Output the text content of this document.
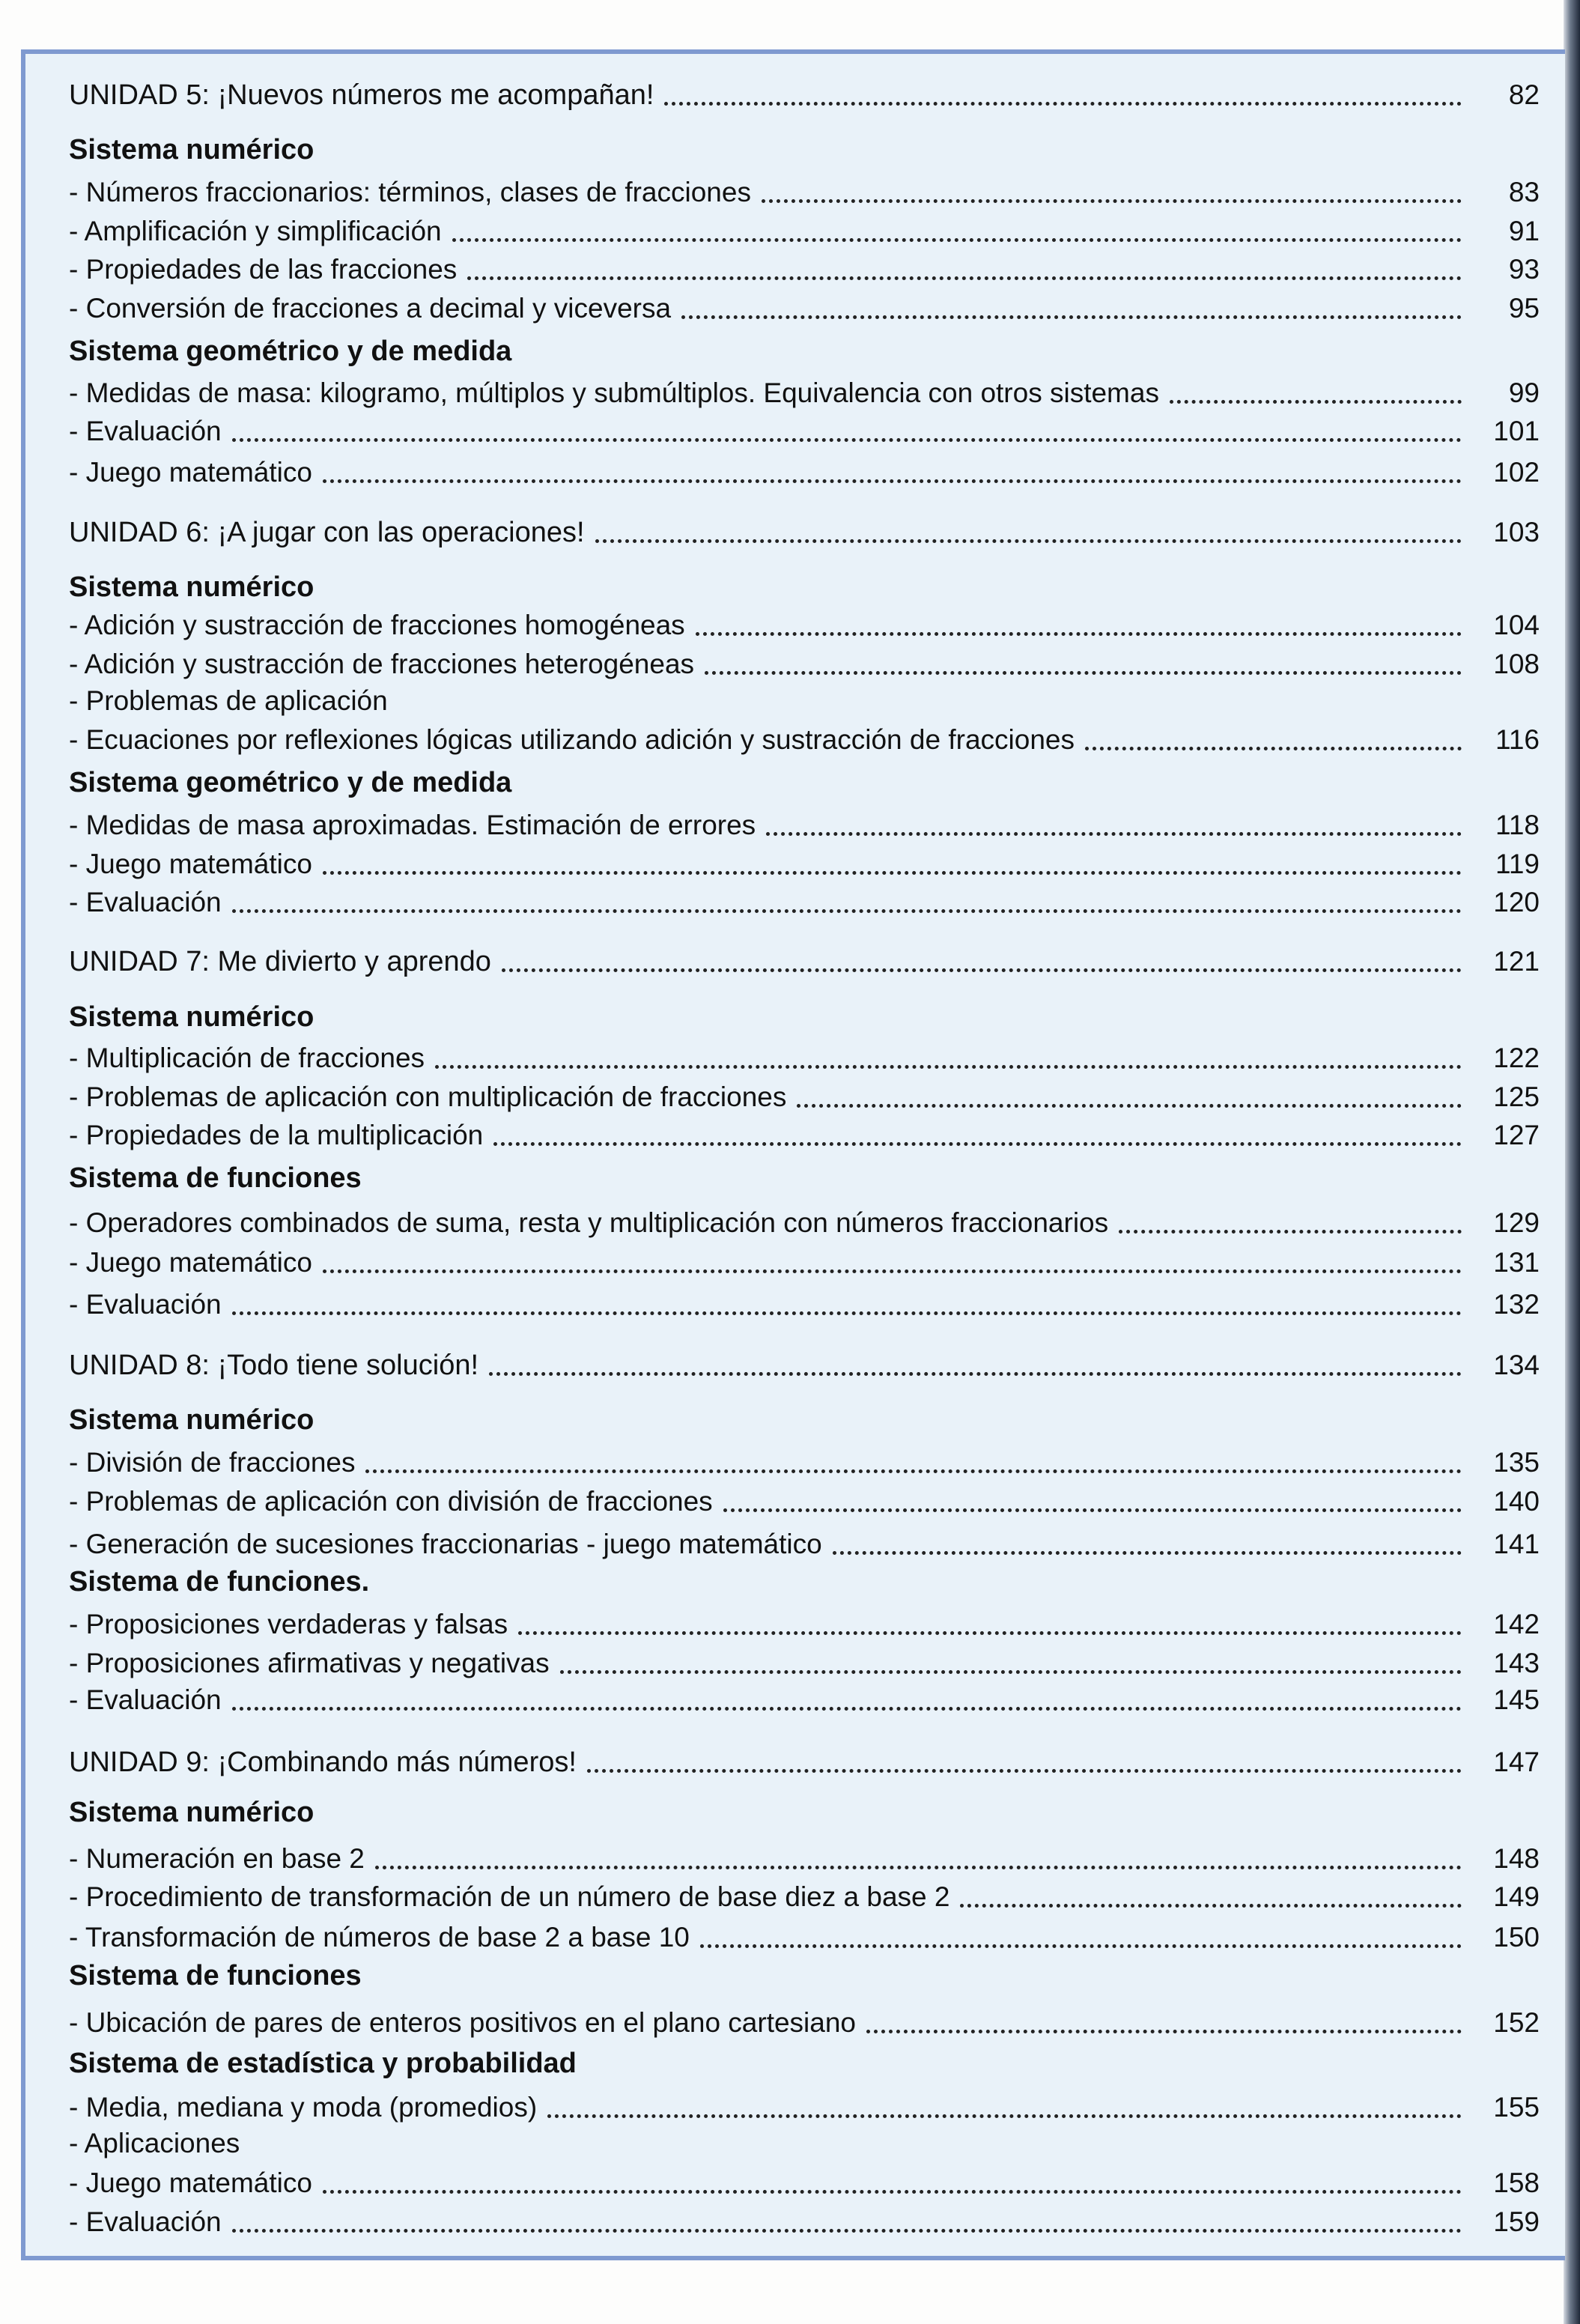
UNIDAD 5: ¡Nuevos números me acompañan!	82
Sistema numérico
- Números fraccionarios: términos, clases de fracciones	83
- Amplificación y simplificación	91
- Propiedades de las fracciones	93
- Conversión de fracciones a decimal y viceversa	95
Sistema geométrico y de medida
- Medidas de masa: kilogramo, múltiplos y submúltiplos. Equivalencia con otros sistemas	99
- Evaluación	101
- Juego matemático	102
UNIDAD 6: ¡A jugar con las operaciones!	103
Sistema numérico
- Adición y sustracción de fracciones homogéneas	104
- Adición y sustracción de fracciones heterogéneas	108
- Problemas de aplicación
- Ecuaciones por reflexiones lógicas utilizando adición y sustracción de fracciones	116
Sistema geométrico y de medida
- Medidas de masa aproximadas. Estimación de errores	118
- Juego matemático	119
- Evaluación	120
UNIDAD 7: Me divierto y aprendo	121
Sistema numérico
- Multiplicación de fracciones	122
- Problemas de aplicación con multiplicación de fracciones	125
- Propiedades de la multiplicación	127
Sistema de funciones
- Operadores combinados de suma, resta y multiplicación con números fraccionarios	129
- Juego matemático	131
- Evaluación	132
UNIDAD 8: ¡Todo tiene solución!	134
Sistema numérico
- División de fracciones	135
- Problemas de aplicación con división de fracciones	140
- Generación de sucesiones fraccionarias - juego matemático	141
Sistema de funciones.
- Proposiciones verdaderas y falsas	142
- Proposiciones afirmativas y negativas	143
- Evaluación	145
UNIDAD 9: ¡Combinando más números!	147
Sistema numérico
- Numeración en base 2	148
- Procedimiento de transformación de un número de base diez a base 2	149
- Transformación de números de base 2 a base 10	150
Sistema de funciones
- Ubicación de pares de enteros positivos en el plano cartesiano	152
Sistema de estadística y probabilidad
- Media, mediana y moda (promedios)	155
- Aplicaciones
- Juego matemático	158
- Evaluación	159
